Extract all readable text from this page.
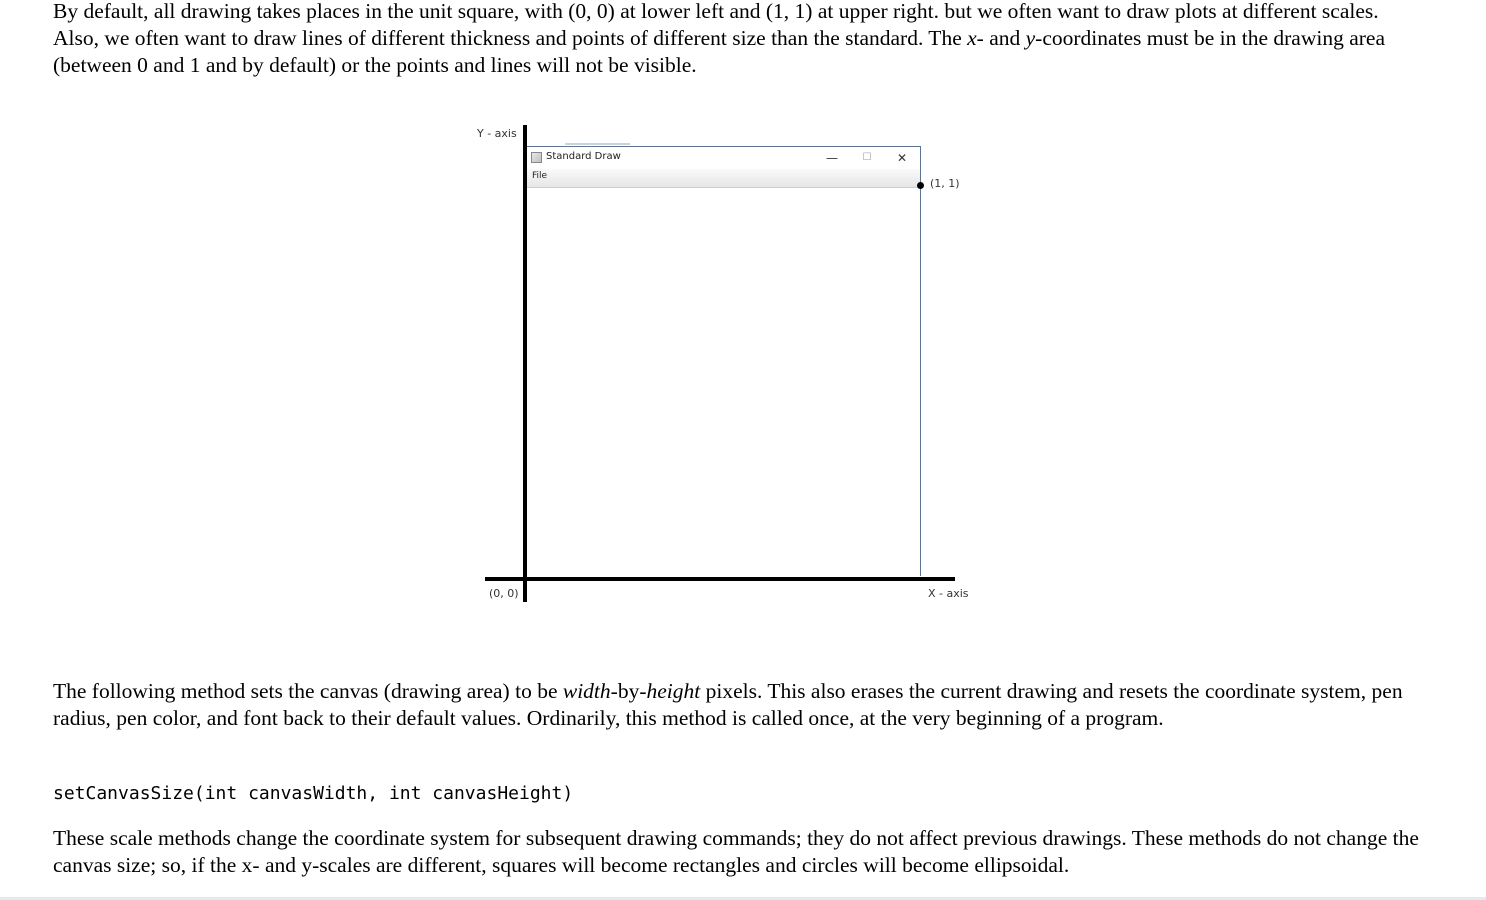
By default, all drawing takes places in the unit square, with (0, 0) at lower left and (1, 1) at upper right. but we often want to draw plots at different scales. Also, we often want to draw lines of different thickness and points of different size than the standard. The x- and y-coordinates must be in the drawing area (between 0 and 1 and by default) or the points and lines will not be visible.

Standard Draw	—	☐	✕
File
Y - axis
X - axis
(0, 0)
(1, 1)

The following method sets the canvas (drawing area) to be width-by-height pixels. This also erases the current drawing and resets the coordinate system, pen radius, pen color, and font back to their default values. Ordinarily, this method is called once, at the very beginning of a program.

setCanvasSize(int canvasWidth, int canvasHeight)

These scale methods change the coordinate system for subsequent drawing commands; they do not affect previous drawings. These methods do not change the canvas size; so, if the x- and y-scales are different, squares will become rectangles and circles will become ellipsoidal.
